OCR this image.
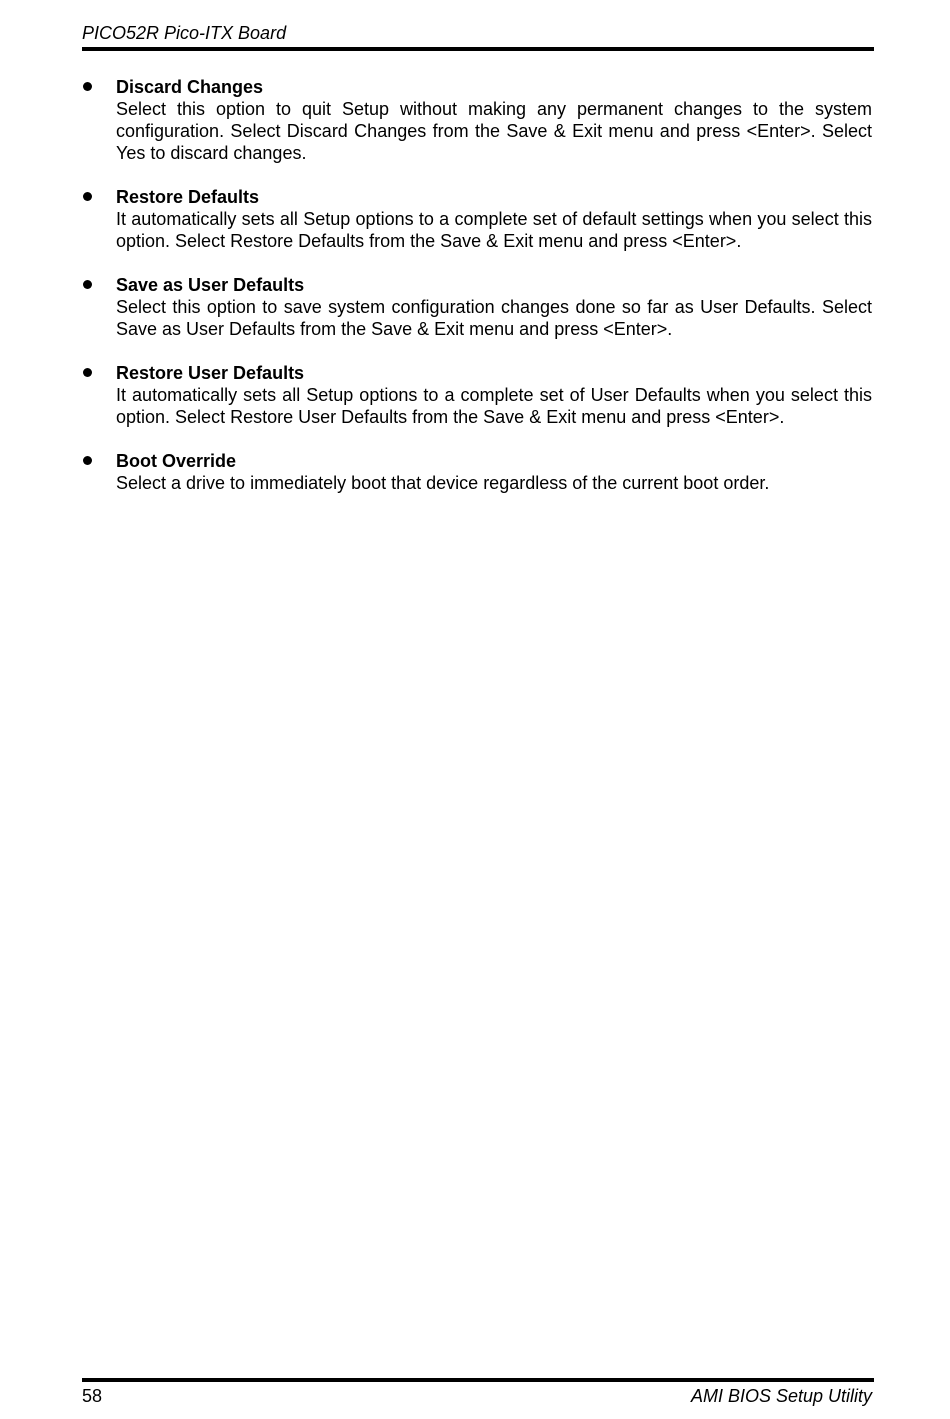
PICO52R Pico-ITX Board
Discard Changes
Select this option to quit Setup without making any permanent changes to the system configuration. Select Discard Changes from the Save & Exit menu and press <Enter>. Select Yes to discard changes.
Restore Defaults
It automatically sets all Setup options to a complete set of default settings when you select this option. Select Restore Defaults from the Save & Exit menu and press <Enter>.
Save as User Defaults
Select this option to save system configuration changes done so far as User Defaults. Select Save as User Defaults from the Save & Exit menu and press <Enter>.
Restore User Defaults
It automatically sets all Setup options to a complete set of User Defaults when you select this option. Select Restore User Defaults from the Save & Exit menu and press <Enter>.
Boot Override
Select a drive to immediately boot that device regardless of the current boot order.
58	AMI BIOS Setup Utility
